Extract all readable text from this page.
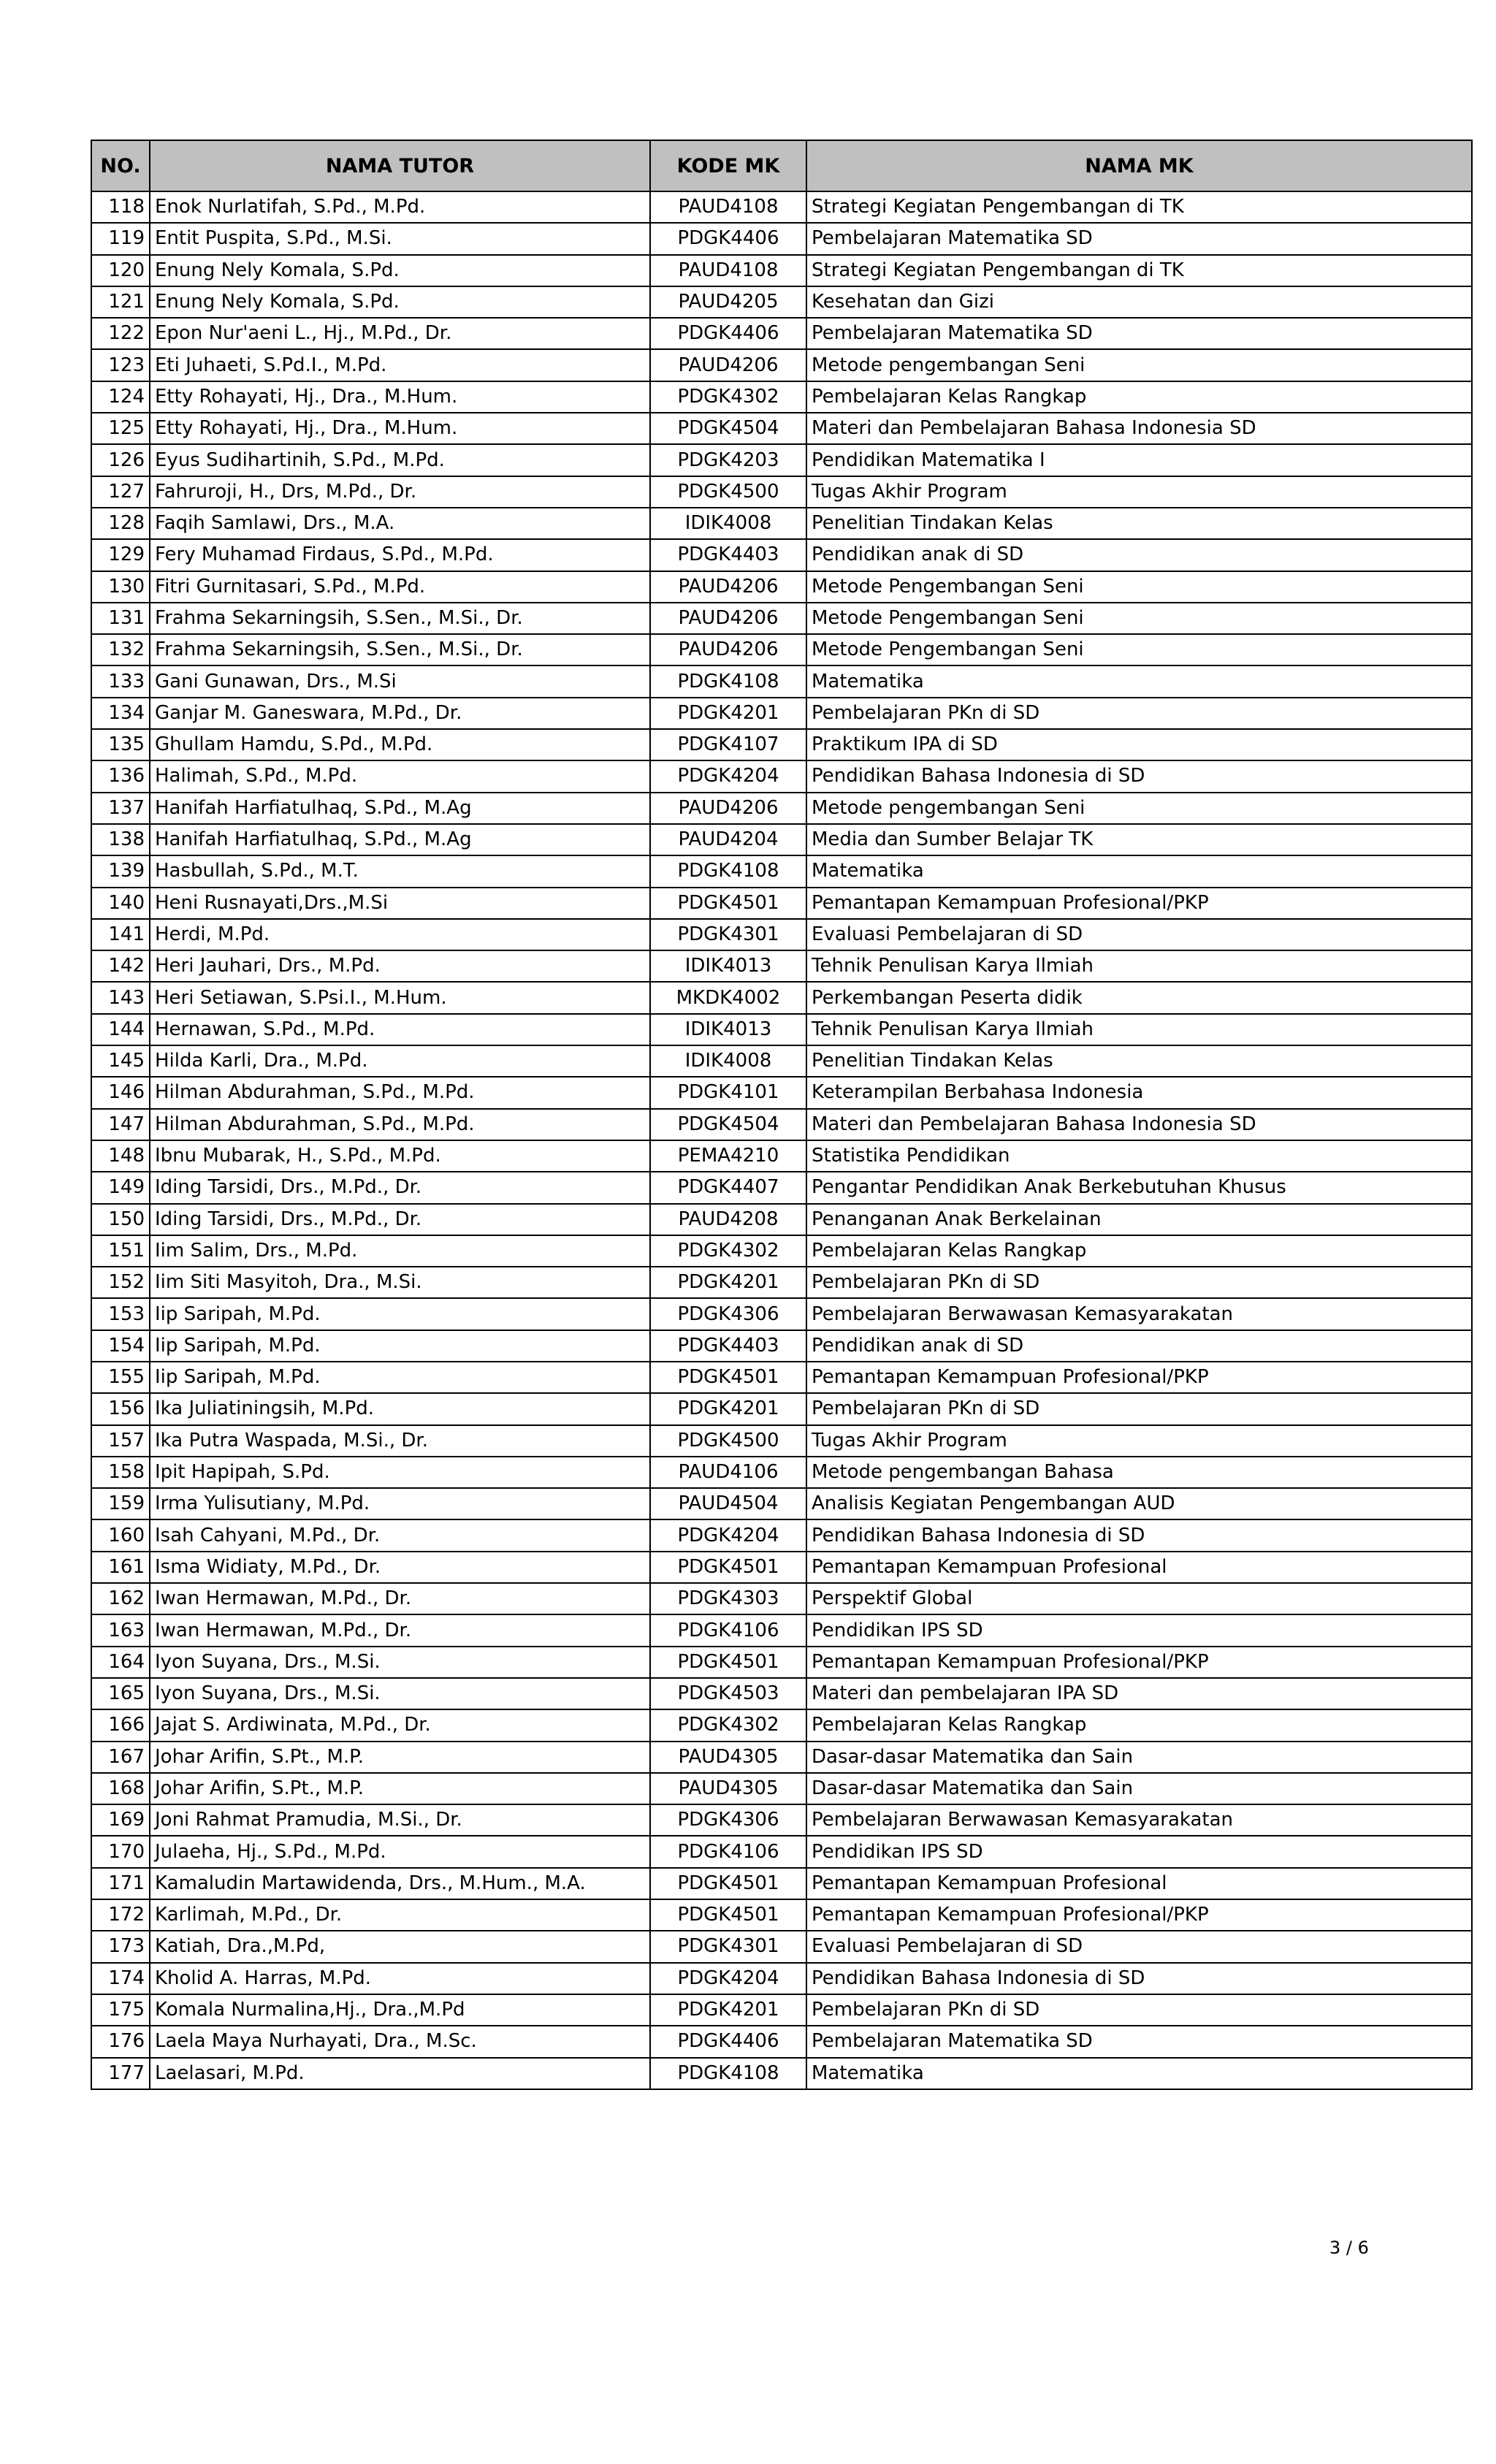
NO.	NAMA TUTOR	KODE MK	NAMA MK
118	Enok Nurlatifah, S.Pd., M.Pd.	PAUD4108	Strategi Kegiatan Pengembangan di TK
119	Entit Puspita, S.Pd., M.Si.	PDGK4406	Pembelajaran Matematika SD
120	Enung Nely Komala, S.Pd.	PAUD4108	Strategi Kegiatan Pengembangan di TK
121	Enung Nely Komala, S.Pd.	PAUD4205	Kesehatan dan Gizi
122	Epon Nur'aeni L., Hj., M.Pd., Dr.	PDGK4406	Pembelajaran Matematika SD
123	Eti Juhaeti, S.Pd.I., M.Pd.	PAUD4206	Metode pengembangan Seni
124	Etty Rohayati, Hj., Dra., M.Hum.	PDGK4302	Pembelajaran Kelas Rangkap
125	Etty Rohayati, Hj., Dra., M.Hum.	PDGK4504	Materi dan Pembelajaran Bahasa Indonesia SD
126	Eyus Sudihartinih, S.Pd., M.Pd.	PDGK4203	Pendidikan Matematika I
127	Fahruroji, H., Drs, M.Pd., Dr.	PDGK4500	Tugas Akhir Program
128	Faqih Samlawi, Drs., M.A.	IDIK4008	Penelitian Tindakan Kelas
129	Fery Muhamad Firdaus, S.Pd., M.Pd.	PDGK4403	Pendidikan anak di SD
130	Fitri Gurnitasari, S.Pd., M.Pd.	PAUD4206	Metode Pengembangan Seni
131	Frahma Sekarningsih, S.Sen., M.Si., Dr.	PAUD4206	Metode Pengembangan Seni
132	Frahma Sekarningsih, S.Sen., M.Si., Dr.	PAUD4206	Metode Pengembangan Seni
133	Gani Gunawan, Drs., M.Si	PDGK4108	Matematika
134	Ganjar M. Ganeswara, M.Pd., Dr.	PDGK4201	Pembelajaran PKn di SD
135	Ghullam Hamdu, S.Pd., M.Pd.	PDGK4107	Praktikum IPA di SD
136	Halimah, S.Pd., M.Pd.	PDGK4204	Pendidikan Bahasa Indonesia di SD
137	Hanifah Harfiatulhaq, S.Pd., M.Ag	PAUD4206	Metode pengembangan Seni
138	Hanifah Harfiatulhaq, S.Pd., M.Ag	PAUD4204	Media dan Sumber Belajar TK
139	Hasbullah, S.Pd., M.T.	PDGK4108	Matematika
140	Heni Rusnayati,Drs.,M.Si	PDGK4501	Pemantapan Kemampuan Profesional/PKP
141	Herdi, M.Pd.	PDGK4301	Evaluasi Pembelajaran di SD
142	Heri Jauhari, Drs., M.Pd.	IDIK4013	Tehnik Penulisan Karya Ilmiah
143	Heri Setiawan, S.Psi.I., M.Hum.	MKDK4002	Perkembangan Peserta didik
144	Hernawan, S.Pd., M.Pd.	IDIK4013	Tehnik Penulisan Karya Ilmiah
145	Hilda Karli, Dra., M.Pd.	IDIK4008	Penelitian Tindakan Kelas
146	Hilman Abdurahman, S.Pd., M.Pd.	PDGK4101	Keterampilan Berbahasa Indonesia
147	Hilman Abdurahman, S.Pd., M.Pd.	PDGK4504	Materi dan Pembelajaran Bahasa Indonesia SD
148	Ibnu Mubarak, H., S.Pd., M.Pd.	PEMA4210	Statistika Pendidikan
149	Iding Tarsidi, Drs., M.Pd., Dr.	PDGK4407	Pengantar Pendidikan Anak Berkebutuhan Khusus
150	Iding Tarsidi, Drs., M.Pd., Dr.	PAUD4208	Penanganan Anak Berkelainan
151	Iim Salim, Drs., M.Pd.	PDGK4302	Pembelajaran Kelas Rangkap
152	Iim Siti Masyitoh, Dra., M.Si.	PDGK4201	Pembelajaran PKn di SD
153	Iip Saripah, M.Pd.	PDGK4306	Pembelajaran Berwawasan Kemasyarakatan
154	Iip Saripah, M.Pd.	PDGK4403	Pendidikan anak di SD
155	Iip Saripah, M.Pd.	PDGK4501	Pemantapan Kemampuan Profesional/PKP
156	Ika Juliatiningsih, M.Pd.	PDGK4201	Pembelajaran PKn di SD
157	Ika Putra Waspada, M.Si., Dr.	PDGK4500	Tugas Akhir Program
158	Ipit Hapipah, S.Pd.	PAUD4106	Metode pengembangan Bahasa
159	Irma Yulisutiany, M.Pd.	PAUD4504	Analisis Kegiatan Pengembangan AUD
160	Isah Cahyani, M.Pd., Dr.	PDGK4204	Pendidikan Bahasa Indonesia di SD
161	Isma Widiaty, M.Pd., Dr.	PDGK4501	Pemantapan Kemampuan Profesional
162	Iwan Hermawan, M.Pd., Dr.	PDGK4303	Perspektif Global
163	Iwan Hermawan, M.Pd., Dr.	PDGK4106	Pendidikan IPS SD
164	Iyon Suyana, Drs., M.Si.	PDGK4501	Pemantapan Kemampuan Profesional/PKP
165	Iyon Suyana, Drs., M.Si.	PDGK4503	Materi dan pembelajaran IPA SD
166	Jajat S. Ardiwinata, M.Pd., Dr.	PDGK4302	Pembelajaran Kelas Rangkap
167	Johar Arifin, S.Pt., M.P.	PAUD4305	Dasar-dasar Matematika dan Sain
168	Johar Arifin, S.Pt., M.P.	PAUD4305	Dasar-dasar Matematika dan Sain
169	Joni Rahmat Pramudia, M.Si., Dr.	PDGK4306	Pembelajaran Berwawasan Kemasyarakatan
170	Julaeha, Hj., S.Pd., M.Pd.	PDGK4106	Pendidikan IPS SD
171	Kamaludin Martawidenda, Drs., M.Hum., M.A.	PDGK4501	Pemantapan Kemampuan Profesional
172	Karlimah, M.Pd., Dr.	PDGK4501	Pemantapan Kemampuan Profesional/PKP
173	Katiah, Dra.,M.Pd,	PDGK4301	Evaluasi Pembelajaran di SD
174	Kholid A. Harras, M.Pd.	PDGK4204	Pendidikan Bahasa Indonesia di SD
175	Komala Nurmalina,Hj., Dra.,M.Pd	PDGK4201	Pembelajaran PKn di SD
176	Laela Maya Nurhayati, Dra., M.Sc.	PDGK4406	Pembelajaran Matematika SD
177	Laelasari, M.Pd.	PDGK4108	Matematika
3 / 6
